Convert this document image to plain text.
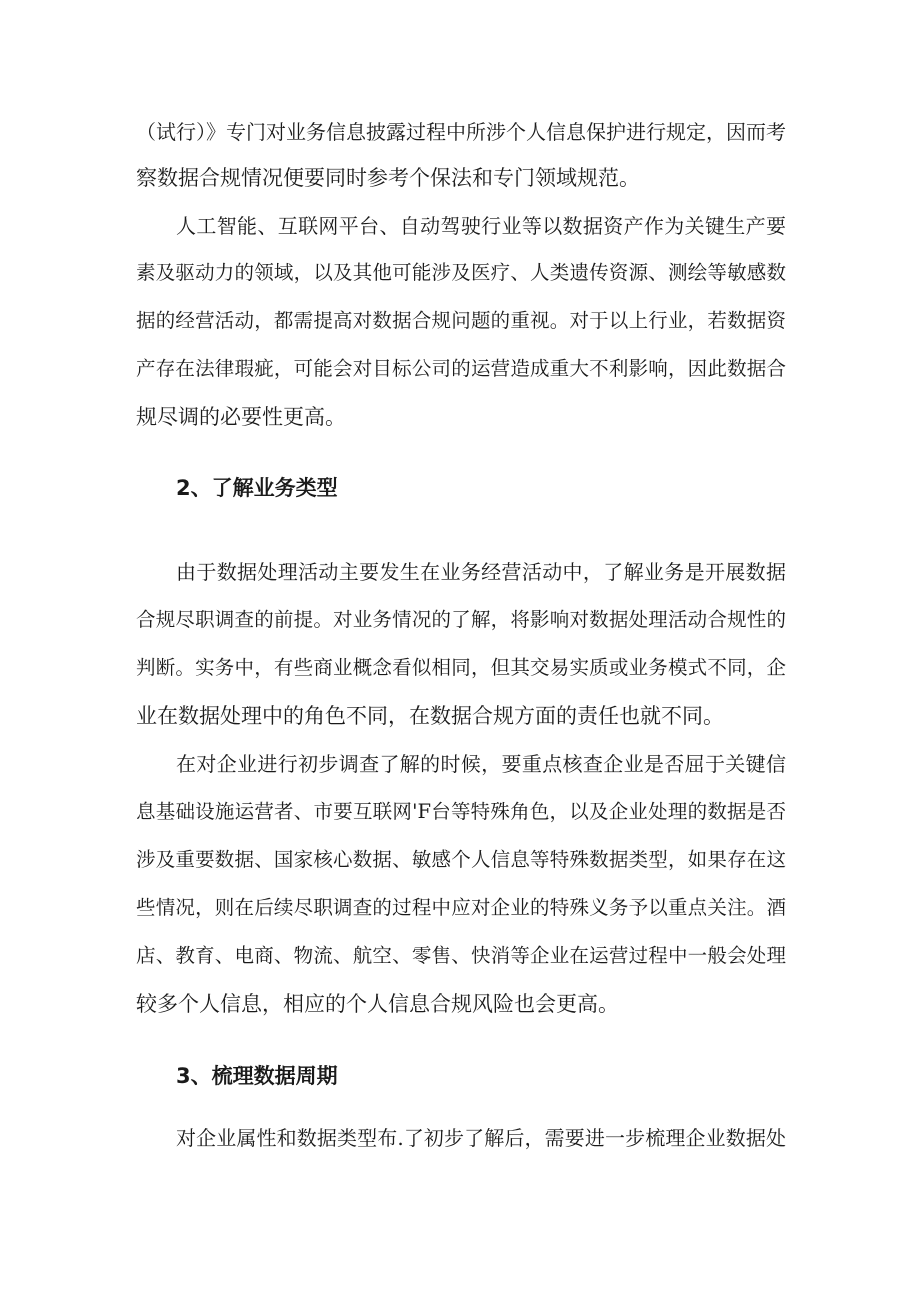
（试行）》专门对业务信息披露过程中所涉个人信息保护进行规定，因而考
察数据合规情况便要同时参考个保法和专门领域规范。
人工智能、互联网平台、自动驾驶行业等以数据资产作为关键生产要
素及驱动力的领域，以及其他可能涉及医疗、人类遗传资源、测绘等敏感数
据的经营活动，都需提高对数据合规问题的重视。对于以上行业，若数据资
产存在法律瑕疵，可能会对目标公司的运营造成重大不利影响，因此数据合
规尽调的必要性更高。
2、了解业务类型
由于数据处理活动主要发生在业务经营活动中，了解业务是开展数据
合规尽职调查的前提。对业务情况的了解，将影响对数据处理活动合规性的
判断。实务中，有些商业概念看似相同，但其交易实质或业务模式不同，企
业在数据处理中的角色不同，在数据合规方面的责任也就不同。
在对企业进行初步调查了解的时候，要重点核查企业是否屈于关键信
息基础设施运营者、市要互联网'F台等特殊角色，以及企业处理的数据是否
涉及重要数据、国家核心数据、敏感个人信息等特殊数据类型，如果存在这
些情况，则在后续尽职调查的过程中应对企业的特殊义务予以重点关注。酒
店、教育、电商、物流、航空、零售、快消等企业在运营过程中一般会处理
较多个人信息，相应的个人信息合规风险也会更高。
3、梳理数据周期
对企业属性和数据类型布.了初步了解后，需要进一步梳理企业数据处
